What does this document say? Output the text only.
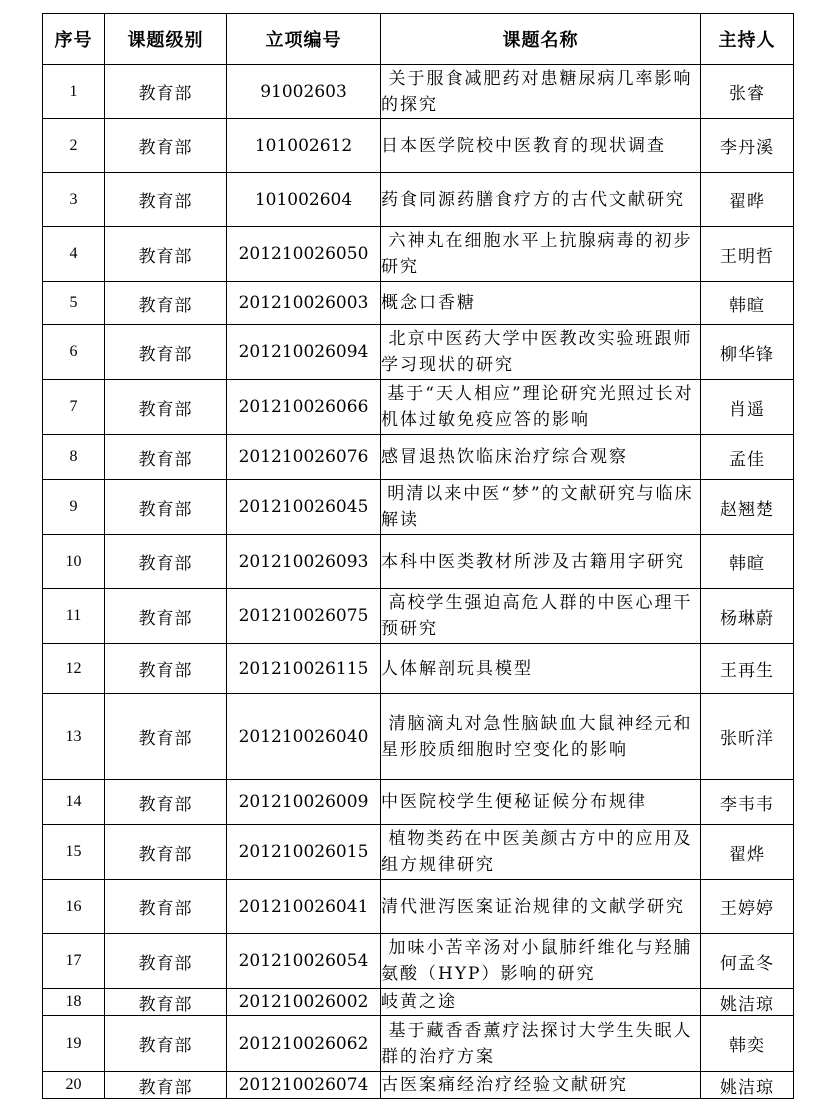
序号	课题级别	立项编号	课题名称	主持人
1	教育部	91002603	关于服食减肥药对患糖尿病几率影响的探究	张睿
2	教育部	101002612	日本医学院校中医教育的现状调查	李丹溪
3	教育部	101002604	药食同源药膳食疗方的古代文献研究	翟晔
4	教育部	201210026050	六神丸在细胞水平上抗腺病毒的初步研究	王明哲
5	教育部	201210026003	概念口香糖	韩暄
6	教育部	201210026094	北京中医药大学中医教改实验班跟师学习现状的研究	柳华锋
7	教育部	201210026066	基于“天人相应”理论研究光照过长对机体过敏免疫应答的影响	肖遥
8	教育部	201210026076	感冒退热饮临床治疗综合观察	孟佳
9	教育部	201210026045	明清以来中医“梦”的文献研究与临床解读	赵翘楚
10	教育部	201210026093	本科中医类教材所涉及古籍用字研究	韩暄
11	教育部	201210026075	高校学生强迫高危人群的中医心理干预研究	杨琳蔚
12	教育部	201210026115	人体解剖玩具模型	王再生
13	教育部	201210026040	清脑滴丸对急性脑缺血大鼠神经元和星形胶质细胞时空变化的影响	张昕洋
14	教育部	201210026009	中医院校学生便秘证候分布规律	李韦韦
15	教育部	201210026015	植物类药在中医美颜古方中的应用及组方规律研究	翟烨
16	教育部	201210026041	清代泄泻医案证治规律的文献学研究	王婷婷
17	教育部	201210026054	加味小苦辛汤对小鼠肺纤维化与羟脯氨酸（HYP）影响的研究	何孟冬
18	教育部	201210026002	岐黄之途	姚洁琼
19	教育部	201210026062	基于藏香香薰疗法探讨大学生失眠人群的治疗方案	韩奕
20	教育部	201210026074	古医案痛经治疗经验文献研究	姚洁琼
